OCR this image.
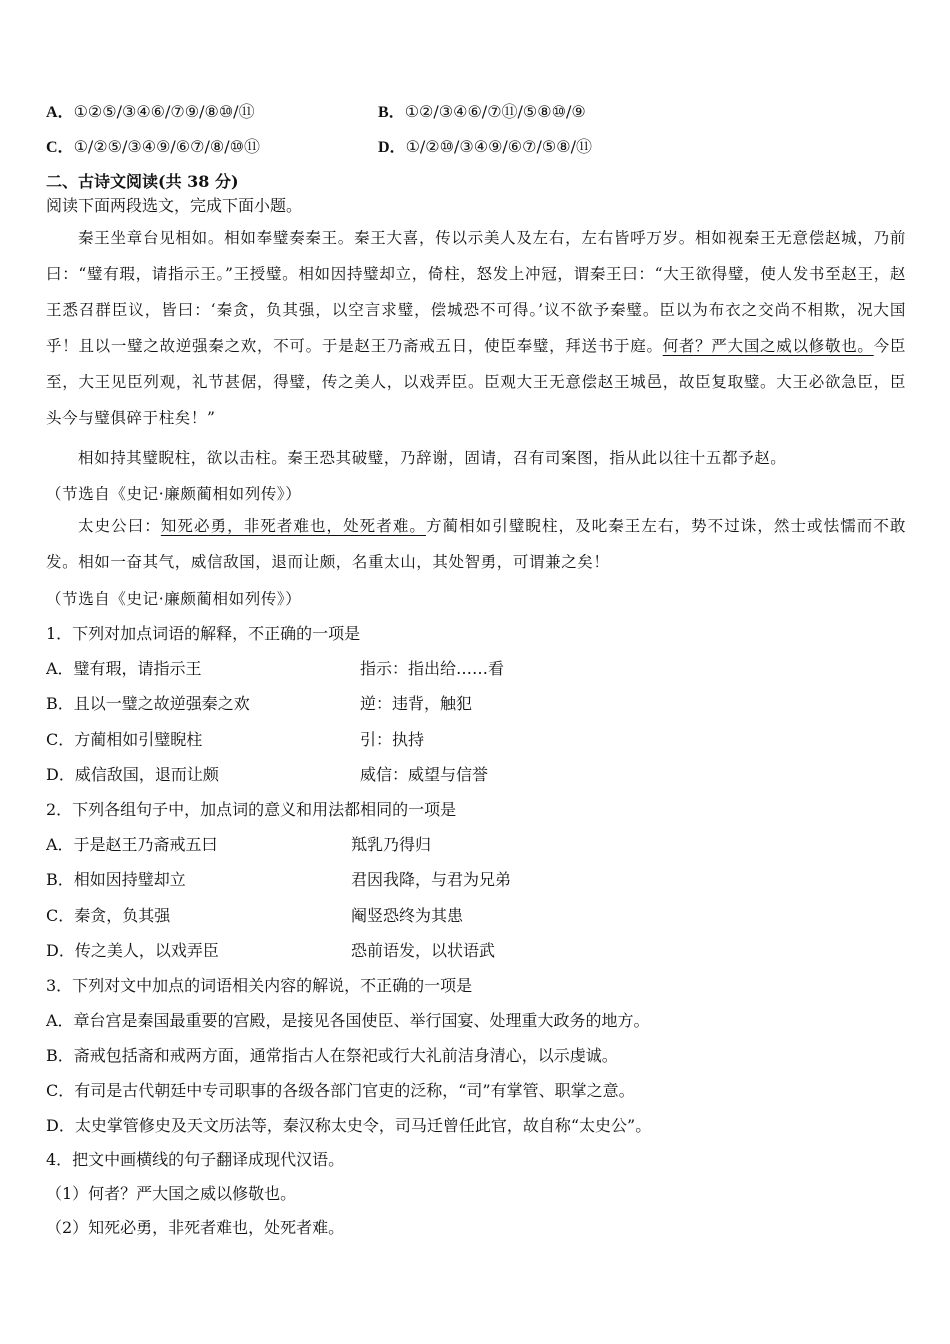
A．①②⑤/③④⑥/⑦⑨/⑧⑩/⑪	B．①②/③④⑥/⑦⑪/⑤⑧⑩/⑨
C．①/②⑤/③④⑨/⑥⑦/⑧/⑩⑪	D．①/②⑩/③④⑨/⑥⑦/⑤⑧/⑪
二、古诗文阅读(共 38 分)
阅读下面两段选文，完成下面小题。
秦王坐章台见相如。相如奉璧奏秦王。秦王大喜，传以示美人及左右，左右皆呼万岁。相如视秦王无意偿赵城，乃前曰：“璧有瑕，请指示王。”王授璧。相如因持璧却立，倚柱，怒发上冲冠，谓秦王曰：“大王欲得璧，使人发书至赵王，赵王悉召群臣议，皆曰：‘秦贪，负其强，以空言求璧，偿城恐不可得。’议不欲予秦璧。臣以为布衣之交尚不相欺，况大国乎！且以一璧之故逆强秦之欢，不可。于是赵王乃斋戒五日，使臣奉璧，拜送书于庭。何者？严大国之威以修敬也。今臣至，大王见臣列观，礼节甚倨，得璧，传之美人，以戏弄臣。臣观大王无意偿赵王城邑，故臣复取璧。大王必欲急臣，臣头今与璧俱碎于柱矣！”
相如持其璧睨柱，欲以击柱。秦王恐其破璧，乃辞谢，固请，召有司案图，指从此以往十五都予赵。
（节选自《史记·廉颇蔺相如列传》）
太史公曰：知死必勇，非死者难也，处死者难。方蔺相如引璧睨柱，及叱秦王左右，势不过诛，然士或怯懦而不敢发。相如一奋其气，威信敌国，退而让颇，名重太山，其处智勇，可谓兼之矣！
（节选自《史记·廉颇蔺相如列传》）
1．下列对加点词语的解释，不正确的一项是
A．璧有瑕，请指示王	指示：指出给……看
B．且以一璧之故逆强秦之欢	逆：违背，触犯
C．方蔺相如引璧睨柱	引：执持
D．威信敌国，退而让颇	威信：威望与信誉
2．下列各组句子中，加点词的意义和用法都相同的一项是
A．于是赵王乃斋戒五曰	羝乳乃得归
B．相如因持璧却立	君因我降，与君为兄弟
C．秦贪，负其强	阉竖恐终为其患
D．传之美人，以戏弄臣	恐前语发，以状语武
3．下列对文中加点的词语相关内容的解说，不正确的一项是
A．章台宫是秦国最重要的宫殿，是接见各国使臣、举行国宴、处理重大政务的地方。
B．斋戒包括斋和戒两方面，通常指古人在祭祀或行大礼前洁身清心，以示虔诚。
C．有司是古代朝廷中专司职事的各级各部门官吏的泛称，“司”有掌管、职掌之意。
D．太史掌管修史及天文历法等，秦汉称太史令，司马迁曾任此官，故自称“太史公”。
4．把文中画横线的句子翻译成现代汉语。
（1）何者？严大国之威以修敬也。
（2）知死必勇，非死者难也，处死者难。
